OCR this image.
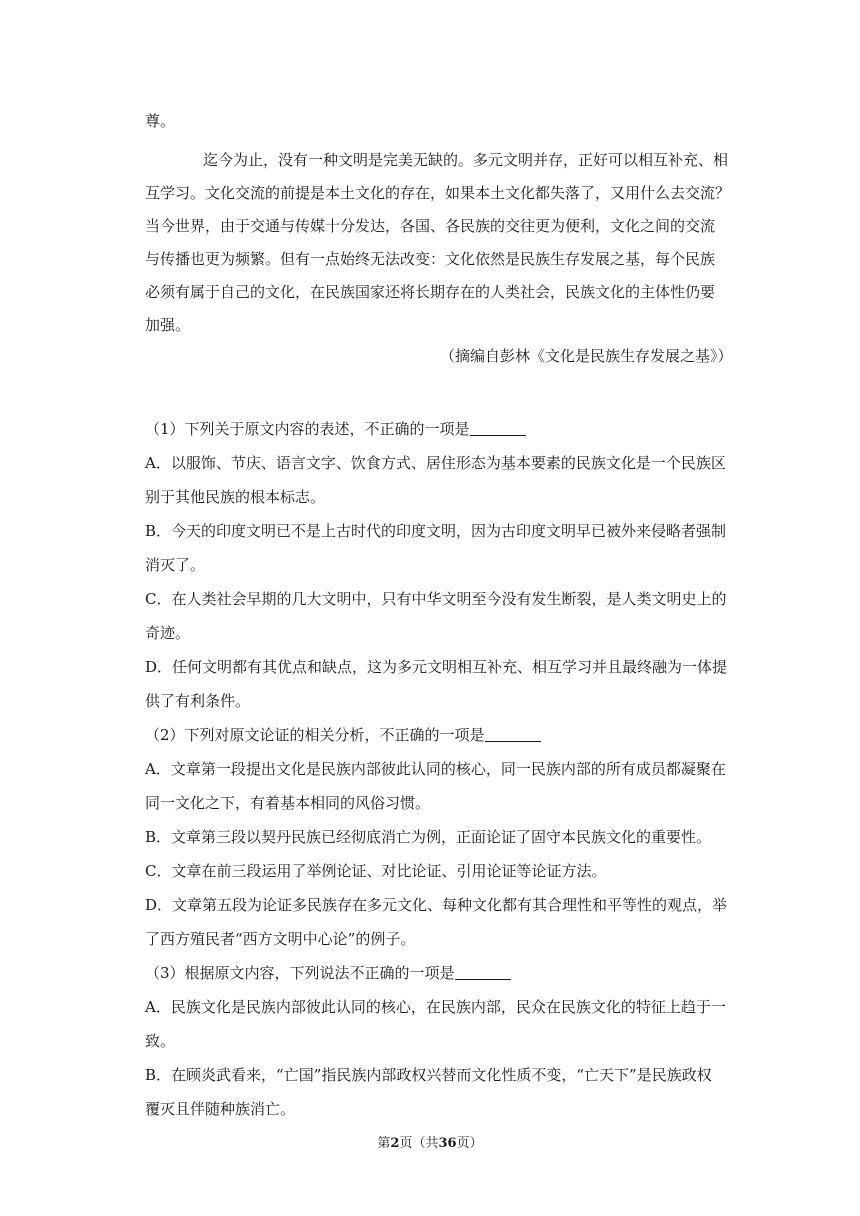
尊。
迄今为止，没有一种文明是完美无缺的。多元文明并存，正好可以相互补充、相
互学习。文化交流的前提是本土文化的存在，如果本土文化都失落了，又用什么去交流？
当今世界，由于交通与传媒十分发达，各国、各民族的交往更为便利，文化之间的交流
与传播也更为频繁。但有一点始终无法改变：文化依然是民族生存发展之基，每个民族
必须有属于自己的文化，在民族国家还将长期存在的人类社会，民族文化的主体性仍要
加强。
（摘编自彭林《文化是民族生存发展之基》）
（1）下列关于原文内容的表述，不正确的一项是
A．以服饰、节庆、语言文字、饮食方式、居住形态为基本要素的民族文化是一个民族区
别于其他民族的根本标志。
B．今天的印度文明已不是上古时代的印度文明，因为古印度文明早已被外来侵略者强制
消灭了。
C．在人类社会早期的几大文明中，只有中华文明至今没有发生断裂，是人类文明史上的
奇迹。
D．任何文明都有其优点和缺点，这为多元文明相互补充、相互学习并且最终融为一体提
供了有利条件。
（2）下列对原文论证的相关分析，不正确的一项是
A．文章第一段提出文化是民族内部彼此认同的核心，同一民族内部的所有成员都凝聚在
同一文化之下，有着基本相同的风俗习惯。
B．文章第三段以契丹民族已经彻底消亡为例，正面论证了固守本民族文化的重要性。
C．文章在前三段运用了举例论证、对比论证、引用论证等论证方法。
D．文章第五段为论证多民族存在多元文化、每种文化都有其合理性和平等性的观点，举
了西方殖民者“西方文明中心论”的例子。
（3）根据原文内容，下列说法不正确的一项是
A．民族文化是民族内部彼此认同的核心，在民族内部，民众在民族文化的特征上趋于一
致。
B．在顾炎武看来，“亡国”指民族内部政权兴替而文化性质不变，“亡天下”是民族政权
覆灭且伴随种族消亡。
第2页（共36页）
